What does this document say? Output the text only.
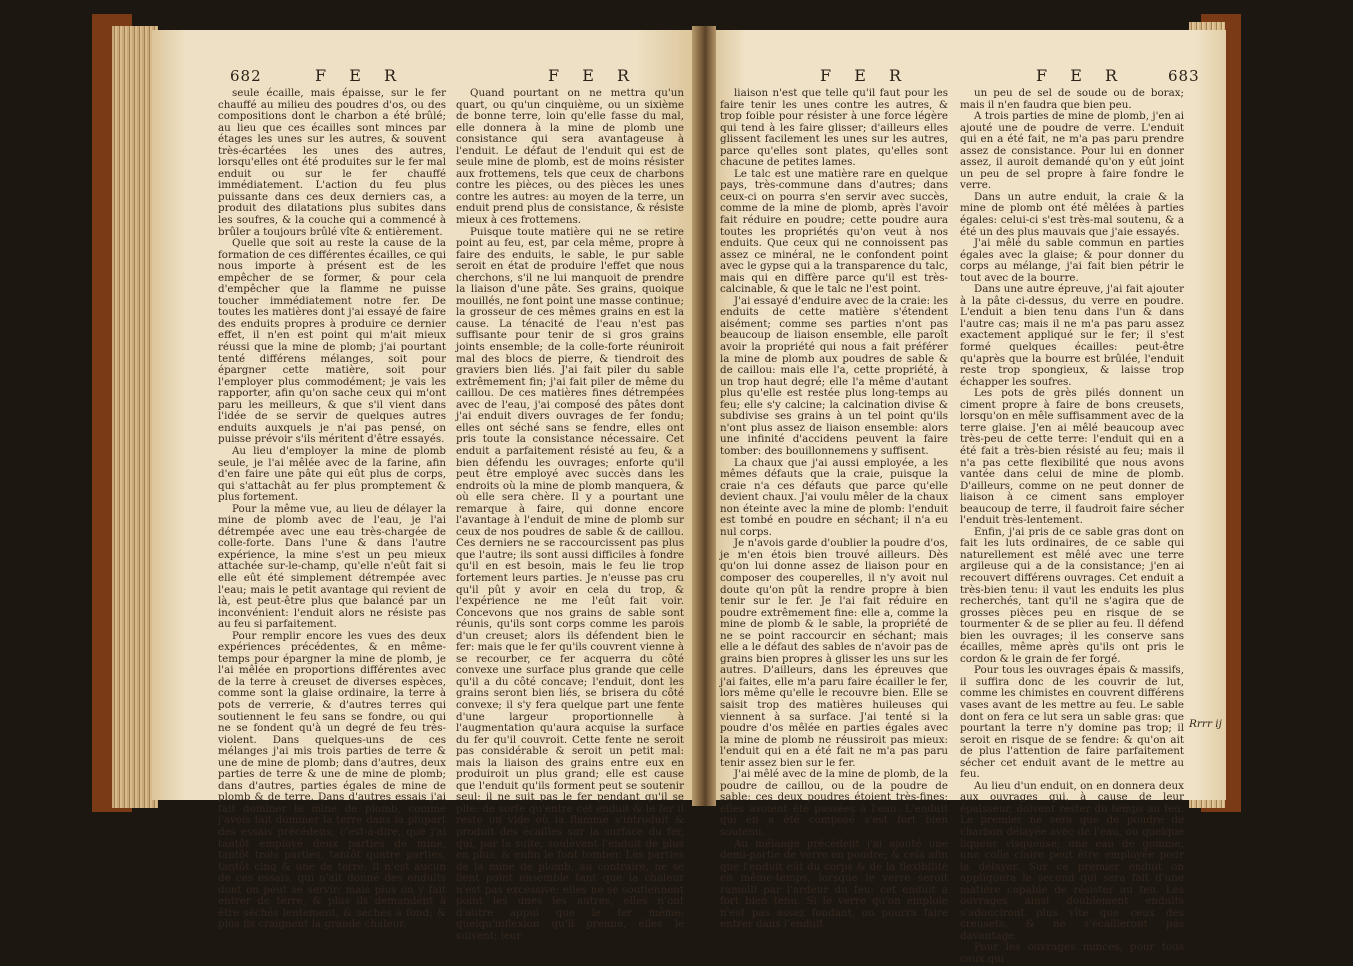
682	F E R	F E R

seule écaille, mais épaisse, sur le fer chauffé au milieu des poudres d'os, ou des compositions dont le charbon a été brûlé; au lieu que ces écailles sont minces par étages les unes sur les autres, & souvent très-écartées les unes des autres, lorsqu'elles ont été produites sur le fer mal enduit ou sur le fer chauffé immédiatement. L'action du feu plus puissante dans ces deux derniers cas, a produit des dilatations plus subites dans les soufres, & la couche qui a commencé à brûler a toujours brûlé vîte & entièrement.

Quelle que soit au reste la cause de la formation de ces différentes écailles, ce qui nous importe à présent est de les empêcher de se former, & pour cela d'empêcher que la flamme ne puisse toucher immédiatement notre fer. De toutes les matières dont j'ai essayé de faire des enduits propres à produire ce dernier effet, il n'en est point qui m'ait mieux réussi que la mine de plomb; j'ai pourtant tenté différens mélanges, soit pour épargner cette matière, soit pour l'employer plus commodément; je vais les rapporter, afin qu'on sache ceux qui m'ont paru les meilleurs, & que s'il vient dans l'idée de se servir de quelques autres enduits auxquels je n'ai pas pensé, on puisse prévoir s'ils méritent d'être essayés.

Au lieu d'employer la mine de plomb seule, je l'ai mêlée avec de la farine, afin d'en faire une pâte qui eût plus de corps, qui s'attachât au fer plus promptement & plus fortement.

Pour la même vue, au lieu de délayer la mine de plomb avec de l'eau, je l'ai détrempée avec une eau très-chargée de colle-forte. Dans l'une & dans l'autre expérience, la mine s'est un peu mieux attachée sur-le-champ, qu'elle n'eût fait si elle eût été simplement détrempée avec l'eau; mais le petit avantage qui revient de là, est peut-être plus que balancé par un inconvénient: l'enduit alors ne résiste pas au feu si parfaitement.

Pour remplir encore les vues des deux expériences précédentes, & en même-temps pour épargner la mine de plomb, je l'ai mêlée en proportions différentes avec de la terre à creuset de diverses espèces, comme sont la glaise ordinaire, la terre à pots de verrerie, & d'autres terres qui soutiennent le feu sans se fondre, ou qui ne se fondent qu'à un degré de feu très-violent. Dans quelques-uns de ces mélanges j'ai mis trois parties de terre & une de mine de plomb; dans d'autres, deux parties de terre & une de mine de plomb; dans d'autres, parties égales de mine de plomb & de terre. Dans d'autres essais j'ai fait dominer la mine de plomb, comme j'avois fait dominer la terre dans la plupart des essais précédens; c'est-à-dire, que j'ai tantôt employé deux parties de mine, tantôt trois parties, tantôt quatre parties, tantôt cinq & une de terre. Il n'est aucun de ces essais, qui n'ait donné des enduits dont on peut se servir: mais plus on y fait entrer de terre, & plus ils demandent à être séchés lentement, & séchés à fond; & plus ils craignent la grande chaleur.

Quand pourtant on ne mettra qu'un quart, ou qu'un cinquième, ou un sixième de bonne terre, loin qu'elle fasse du mal, elle donnera à la mine de plomb une consistance qui sera avantageuse à l'enduit. Le défaut de l'enduit qui est de seule mine de plomb, est de moins résister aux frottemens, tels que ceux de charbons contre les pièces, ou des pièces les unes contre les autres: au moyen de la terre, un enduit prend plus de consistance, & résiste mieux à ces frottemens.

Puisque toute matière qui ne se retire point au feu, est, par cela même, propre à faire des enduits, le sable, le pur sable seroit en état de produire l'effet que nous cherchons, s'il ne lui manquoit de prendre la liaison d'une pâte. Ses grains, quoique mouillés, ne font point une masse continue; la grosseur de ces mêmes grains en est la cause. La ténacité de l'eau n'est pas suffisante pour tenir de si gros grains joints ensemble; de la colle-forte réuniroit mal des blocs de pierre, & tiendroit des graviers bien liés. J'ai fait piler du sable extrêmement fin; j'ai fait piler de même du caillou. De ces matières fines détrempées avec de l'eau, j'ai composé des pâtes dont j'ai enduit divers ouvrages de fer fondu; elles ont séché sans se fendre, elles ont pris toute la consistance nécessaire. Cet enduit a parfaitement résisté au feu, & a bien défendu les ouvrages; enforte qu'il peut être employé avec succès dans les endroits où la mine de plomb manquera, & où elle sera chère. Il y a pourtant une remarque à faire, qui donne encore l'avantage à l'enduit de mine de plomb sur ceux de nos poudres de sable & de caillou. Ces derniers ne se raccourcissent pas plus que l'autre; ils sont aussi difficiles à fondre qu'il en est besoin, mais le feu lie trop fortement leurs parties. Je n'eusse pas cru qu'il pût y avoir en cela du trop, & l'expérience ne me l'eût fait voir. Concevons que nos grains de sable sont réunis, qu'ils sont corps comme les parois d'un creuset; alors ils défendent bien le fer: mais que le fer qu'ils couvrent vienne à se recourber, ce fer acquerra du côté convexe une surface plus grande que celle qu'il a du côté concave; l'enduit, dont les grains seront bien liés, se brisera du côté convexe; il s'y fera quelque part une fente d'une largeur proportionnelle à l'augmentation qu'aura acquise la surface du fer qu'il couvroit. Cette fente ne seroit pas considérable & seroit un petit mal: mais la liaison des grains entre eux en produiroit un plus grand; elle est cause que l'enduit qu'ils forment peut se soutenir seul; il ne suit pas le fer pendant qu'il se plie: de sorte qu'entre cet enduit & le fer il reste un vide où la flamme s'introduit & produit des écailles sur la surface du fer, qui, par la suite, soulèvent l'enduit de plus en plus, & enfin le font tomber. Les parties de la mine de plomb, au contraire, ne se lient point ensemble tant que la chaleur n'est pas excessive; elles ne se soutiennent point les unes les autres, elles n'ont d'autre appui que le fer même: quelqu'inflexion qu'il prenne, elles le suivent; leur

F E R	F E R	683

liaison n'est que telle qu'il faut pour les faire tenir les unes contre les autres, & trop foible pour résister à une force légère qui tend à les faire glisser; d'ailleurs elles glissent facilement les unes sur les autres, parce qu'elles sont plates, qu'elles sont chacune de petites lames.

Le talc est une matière rare en quelque pays, très-commune dans d'autres; dans ceux-ci on pourra s'en servir avec succès, comme de la mine de plomb, après l'avoir fait réduire en poudre; cette poudre aura toutes les propriétés qu'on veut à nos enduits. Que ceux qui ne connoissent pas assez ce minéral, ne le confondent point avec le gypse qui a la transparence du talc, mais qui en diffère parce qu'il est très-calcinable, & que le talc ne l'est point.

J'ai essayé d'enduire avec de la craie: les enduits de cette matière s'étendent aisément; comme ses parties n'ont pas beaucoup de liaison ensemble, elle paroît avoir la propriété qui nous a fait préférer la mine de plomb aux poudres de sable & de caillou: mais elle l'a, cette propriété, à un trop haut degré; elle l'a même d'autant plus qu'elle est restée plus long-temps au feu; elle s'y calcine; la calcination divise & subdivise ses grains à un tel point qu'ils n'ont plus assez de liaison ensemble: alors une infinité d'accidens peuvent la faire tomber: des bouillonnemens y suffisent.

La chaux que j'ai aussi employée, a les mêmes défauts que la craie, puisque la craie n'a ces défauts que parce qu'elle devient chaux. J'ai voulu mêler de la chaux non éteinte avec la mine de plomb: l'enduit est tombé en poudre en séchant; il n'a eu nul corps.

Je n'avois garde d'oublier la poudre d'os, je m'en étois bien trouvé ailleurs. Dès qu'on lui donne assez de liaison pour en composer des couperelles, il n'y avoit nul doute qu'on pût la rendre propre à bien tenir sur le fer. Je l'ai fait réduire en poudre extrêmement fine: elle a, comme la mine de plomb & le sable, la propriété de ne se point raccourcir en séchant; mais elle a le défaut des sables de n'avoir pas de grains bien propres à glisser les uns sur les autres. D'ailleurs, dans les épreuves que j'ai faites, elle m'a paru faire écailler le fer, lors même qu'elle le recouvre bien. Elle se saisit trop des matières huileuses qui viennent à sa surface. J'ai tenté si la poudre d'os mêlée en parties égales avec la mine de plomb ne réussiroit pas mieux: l'enduit qui en a été fait ne m'a pas paru tenir assez bien sur le fer.

J'ai mêlé avec de la mine de plomb, de la poudre de caillou, ou de la poudre de sable: ces deux poudres étoient très-fines; elles avoient été passées à l'eau. L'enduit qui en a été composé s'est fort bien soutenu.

Au mélange précédent j'ai ajouté une demi-partie de verre en poudre; & cela afin que l'enduit eût du corps & de la flexibilité en même-temps, lorsque le verre seroit ramolli par l'ardeur du feu: cet enduit a fort bien tenu. Si le verre qu'on emploie n'est pas assez fondant, on pourra faire entrer dans l'enduit

un peu de sel de soude ou de borax; mais il n'en faudra que bien peu.

A trois parties de mine de plomb, j'en ai ajouté une de poudre de verre. L'enduit qui en a été fait, ne m'a pas paru prendre assez de consistance. Pour lui en donner assez, il auroit demandé qu'on y eût joint un peu de sel propre à faire fondre le verre.

Dans un autre enduit, la craie & la mine de plomb ont été mêlées à parties égales: celui-ci s'est très-mal soutenu, & a été un des plus mauvais que j'aie essayés.

J'ai mêlé du sable commun en parties égales avec la glaise; & pour donner du corps au mélange, j'ai fait bien pétrir le tout avec de la bourre.

Dans une autre épreuve, j'ai fait ajouter à la pâte ci-dessus, du verre en poudre. L'enduit a bien tenu dans l'un & dans l'autre cas; mais il ne m'a pas paru assez exactement appliqué sur le fer; il s'est formé quelques écailles: peut-être qu'après que la bourre est brûlée, l'enduit reste trop spongieux, & laisse trop échapper les soufres.

Les pots de grès pilés donnent un ciment propre à faire de bons creusets, lorsqu'on en mêle suffisamment avec de la terre glaise. J'en ai mêlé beaucoup avec très-peu de cette terre: l'enduit qui en a été fait a très-bien résisté au feu; mais il n'a pas cette flexibilité que nous avons vantée dans celui de mine de plomb. D'ailleurs, comme on ne peut donner de liaison à ce ciment sans employer beaucoup de terre, il faudroit faire sécher l'enduit très-lentement.

Enfin, j'ai pris de ce sable gras dont on fait les luts ordinaires, de ce sable qui naturellement est mêlé avec une terre argileuse qui a de la consistance; j'en ai recouvert différens ouvrages. Cet enduit a très-bien tenu: il vaut les enduits les plus recherchés, tant qu'il ne s'agira que de grosses pièces peu en risque de se tourmenter & de se plier au feu. Il défend bien les ouvrages; il les conserve sans écailles, même après qu'ils ont pris le cordon & le grain de fer forgé.

Pour tous les ouvrages épais & massifs, il suffira donc de les couvrir de lut, comme les chimistes en couvrent différens vases avant de les mettre au feu. Le sable dont on fera ce lut sera un sable gras: que pourtant la terre n'y domine pas trop; il seroit en risque de se fendre: & qu'on ait de plus l'attention de faire parfaitement sécher cet enduit avant de le mettre au feu.

Au lieu d'un enduit, on en donnera deux aux ouvrages qui, à cause de leur épaisseur, doivent rester du temps au feu. Le premier ne sera que de poudre de charbon délayée avec de l'eau, ou quelque liqueur visqueuse; une eau de gomme, une colle claire peut être employée pour la délayer. Sur ce premier enduit on appliquera le second qui sera fait d'une matière capable de résister au feu. Les ouvrages ainsi doublement enduits s'adouciront plus vîte que ceux des creusets, & ne s'écailleront pas davantage.

Pour les ouvrages minces, pour tous ceux qui

Rrrr ij
